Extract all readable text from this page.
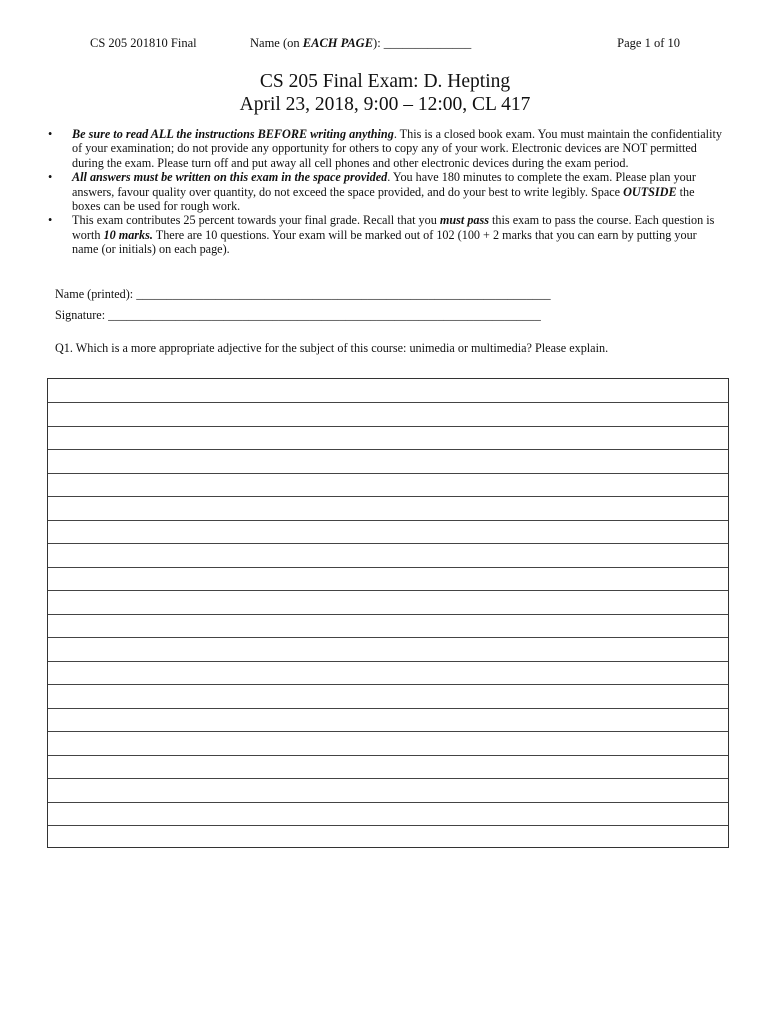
CS 205 201810 Final	Name (on EACH PAGE): ______________	Page 1 of 10
CS 205 Final Exam: D. Hepting
April 23, 2018, 9:00 – 12:00, CL 417
• Be sure to read ALL the instructions BEFORE writing anything. This is a closed book exam. You must maintain the confidentiality of your examination; do not provide any opportunity for others to copy any of your work. Electronic devices are NOT permitted during the exam. Please turn off and put away all cell phones and other electronic devices during the exam period.
• All answers must be written on this exam in the space provided. You have 180 minutes to complete the exam. Please plan your answers, favour quality over quantity, do not exceed the space provided, and do your best to write legibly. Space OUTSIDE the boxes can be used for rough work.
• This exam contributes 25 percent towards your final grade. Recall that you must pass this exam to pass the course. Each question is worth 10 marks. There are 10 questions. Your exam will be marked out of 102 (100 + 2 marks that you can earn by putting your name (or initials) on each page).
Name (printed): ____________________________________________________________________
Signature: _______________________________________________________________________
Q1. Which is a more appropriate adjective for the subject of this course: unimedia or multimedia? Please explain.
